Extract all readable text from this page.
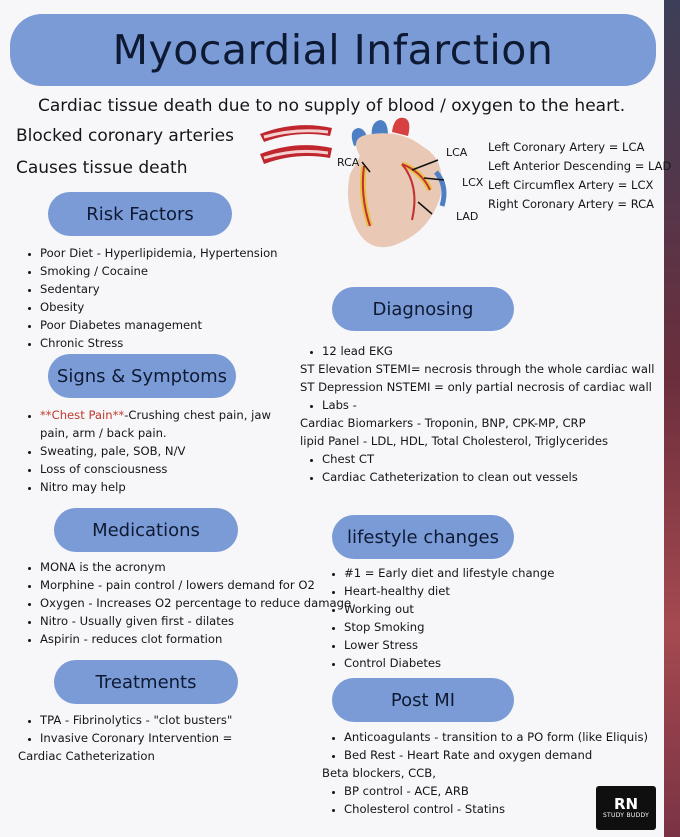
Myocardial Infarction
Cardiac tissue death due to no supply of blood / oxygen to the heart.
Blocked coronary arteries
Causes tissue death
LCA
RCA
LCX
LAD
Left Coronary Artery = LCA
Left Anterior Descending = LAD
Left Circumflex Artery = LCX
Right Coronary Artery = RCA
Risk Factors
• Poor Diet - Hyperlipidemia, Hypertension
• Smoking / Cocaine
• Sedentary
• Obesity
• Poor Diabetes management
• Chronic Stress
Signs & Symptoms
• **Chest Pain**-Crushing chest pain, jaw
pain, arm / back pain.
• Sweating, pale, SOB, N/V
• Loss of consciousness
• Nitro may help
Medications
• MONA is the acronym
• Morphine - pain control / lowers demand for O2
• Oxygen - Increases O2 percentage to reduce damage
• Nitro - Usually given first - dilates
• Aspirin - reduces clot formation
Treatments
• TPA - Fibrinolytics - "clot busters"
• Invasive Coronary Intervention =
Cardiac Catheterization
Diagnosing
• 12 lead EKG
ST Elevation STEMI= necrosis through the whole cardiac wall
ST Depression NSTEMI = only partial necrosis of cardiac wall
• Labs -
Cardiac Biomarkers - Troponin, BNP, CPK-MP, CRP
lipid Panel - LDL, HDL, Total Cholesterol, Triglycerides
• Chest CT
• Cardiac Catheterization to clean out vessels
lifestyle changes
• #1 = Early diet and lifestyle change
• Heart-healthy diet
• Working out
• Stop Smoking
• Lower Stress
• Control Diabetes
Post MI
• Anticoagulants - transition to a PO form (like Eliquis)
• Bed Rest - Heart Rate and oxygen demand
Beta blockers, CCB,
• BP control - ACE, ARB
• Cholesterol control - Statins	RN
STUDY BUDDY
